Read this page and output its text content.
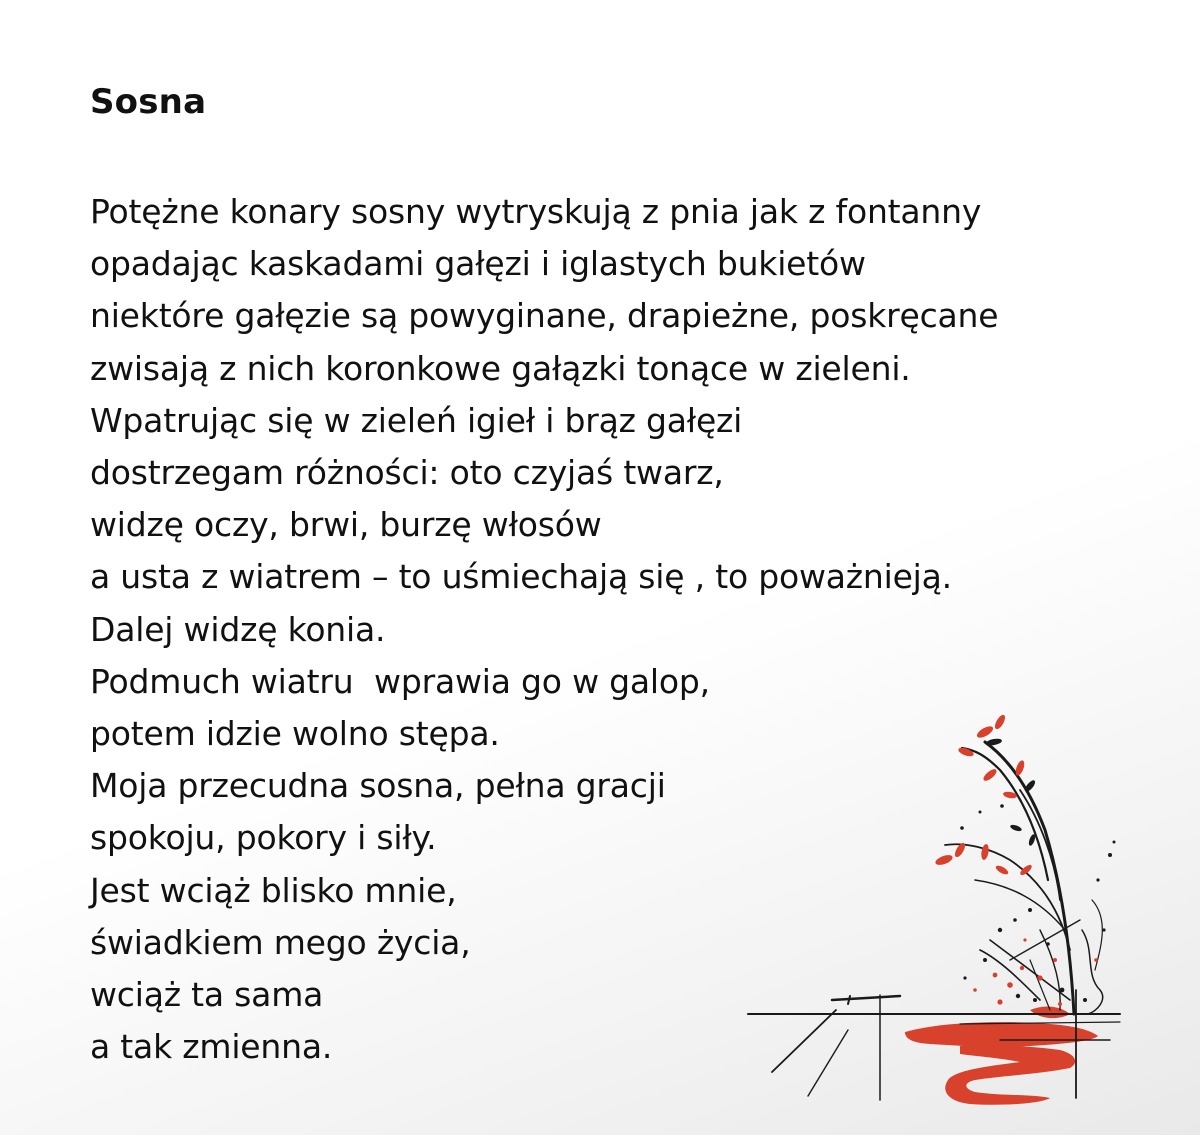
Sosna
Potężne konary sosny wytryskują z pnia jak z fontanny
opadając kaskadami gałęzi i iglastych bukietów
niektóre gałęzie są powyginane, drapieżne, poskręcane
zwisają z nich koronkowe gałązki tonące w zieleni.
Wpatrując się w zieleń igieł i brąz gałęzi
dostrzegam różności: oto czyjaś twarz,
widzę oczy, brwi, burzę włosów
a usta z wiatrem – to uśmiechają się , to poważnieją.
Dalej widzę konia.
Podmuch wiatru  wprawia go w galop,
potem idzie wolno stępa.
Moja przecudna sosna, pełna gracji
spokoju, pokory i siły.
Jest wciąż blisko mnie,
świadkiem mego życia,
wciąż ta sama
a tak zmienna.
